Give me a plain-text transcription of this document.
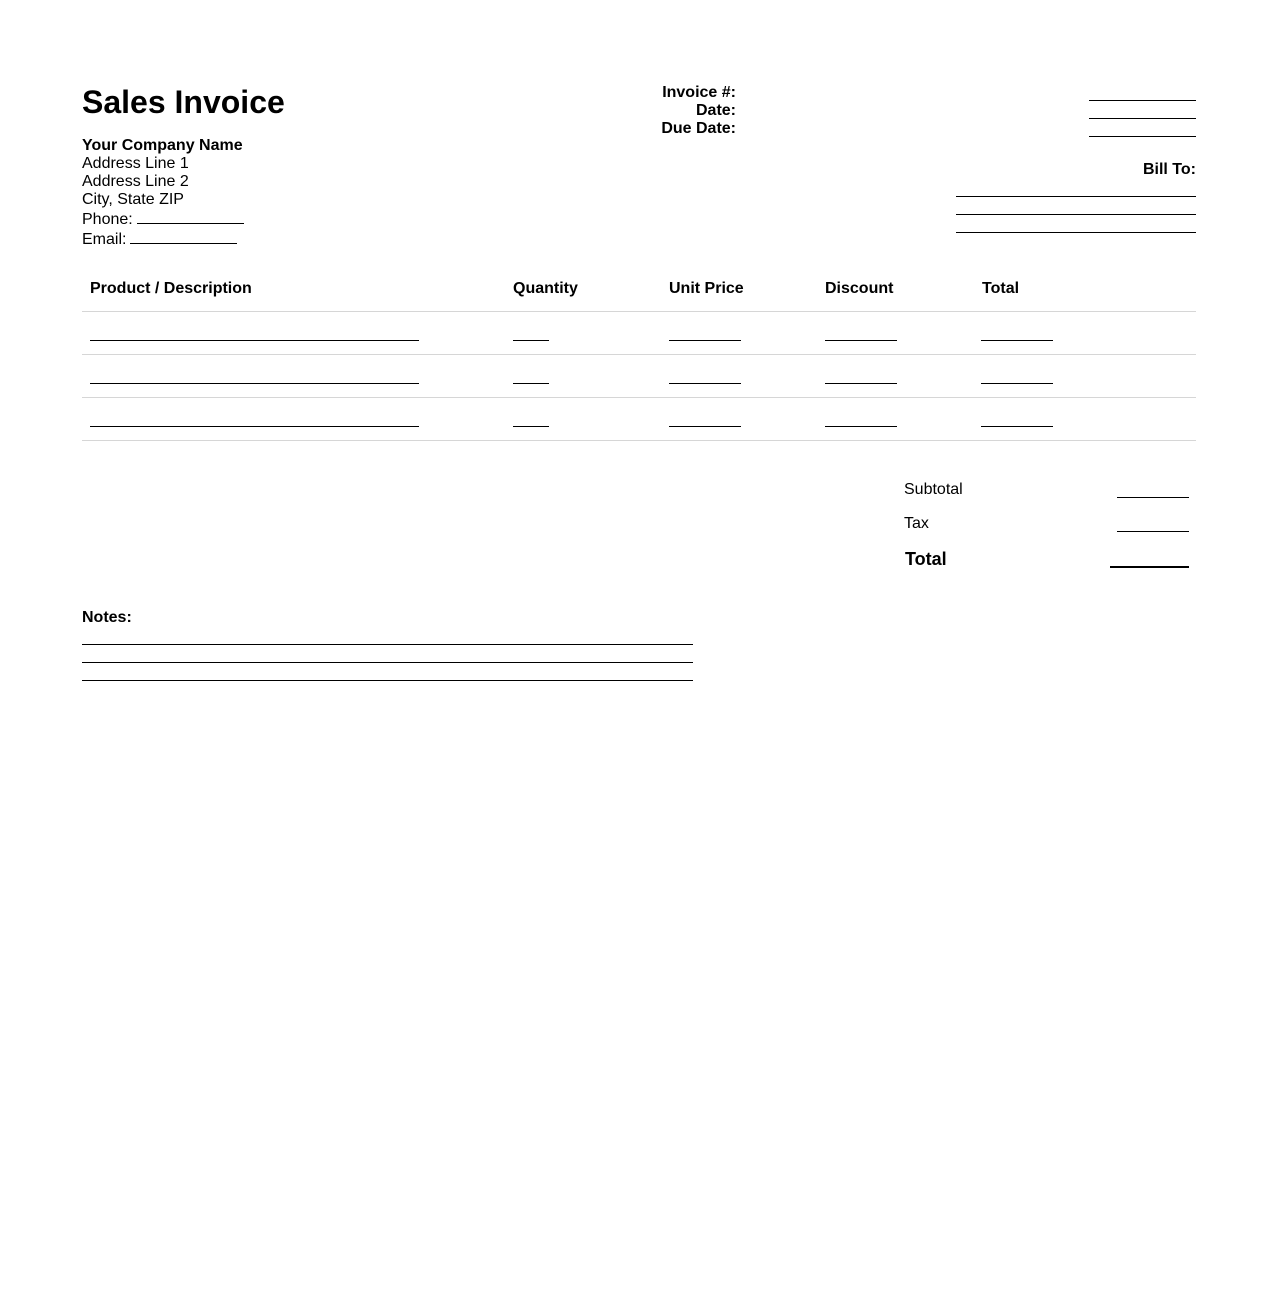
Sales Invoice
Your Company Name
Address Line 1
Address Line 2
City, State ZIP
Phone:
Email:
Invoice #:
Date:
Due Date:
Bill To:
Product / Description	Quantity	Unit Price	Discount	Total
Subtotal
Tax
Total
Notes:
